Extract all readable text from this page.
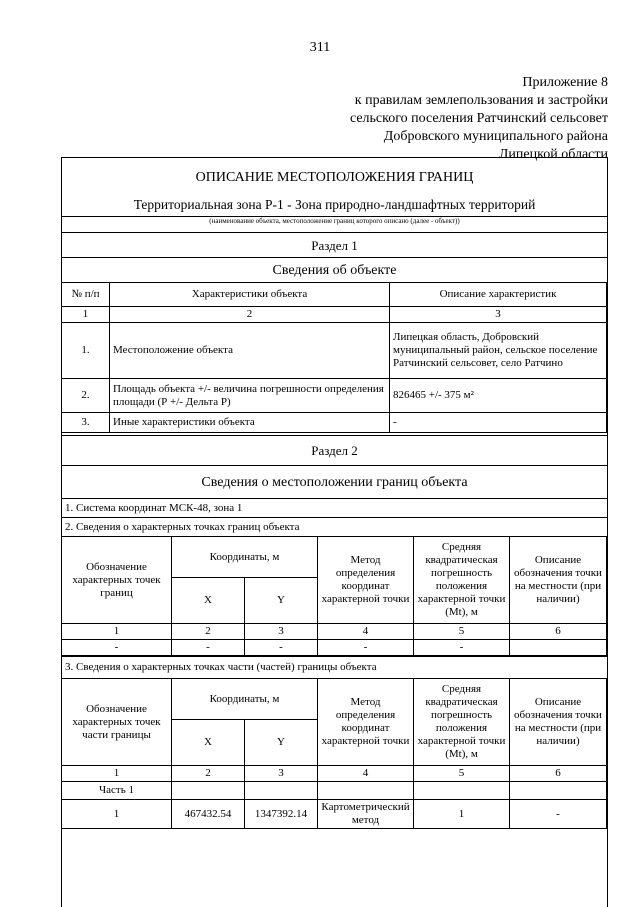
311
Приложение 8
к правилам землепользования и застройки
сельского поселения Ратчинский сельсовет
Добровского муниципального района
Липецкой области
ОПИСАНИЕ МЕСТОПОЛОЖЕНИЯ ГРАНИЦ
Территориальная зона Р-1 - Зона природно-ландшафтных территорий
(наименование объекта, местоположение границ которого описано (далее - объект))
Раздел 1
Сведения об объекте
№ п/п	Характеристики объекта	Описание характеристик
1	2	3
1.	Местоположение объекта	Липецкая область, Добровский муниципальный район, сельское поселение Ратчинский сельсовет, село Ратчино
2.	Площадь объекта +/- величина погрешности определения площади (Р +/- Дельта Р)	826465 +/- 375 м²
3.	Иные характеристики объекта	-
Раздел 2
Сведения о местоположении границ объекта
1. Система координат МСК-48, зона 1
2. Сведения о характерных точках границ объекта
Обозначение характерных точек границ	Координаты, м		Метод определения координат характерной точки	Средняя квадратическая погрешность положения характерной точки (Mt), м	Описание обозначения точки на местности (при наличии)
	X	Y			
1	2	3	4	5	6
-	-	-	-	-	
3. Сведения о характерных точках части (частей) границы объекта
Обозначение характерных точек части границы	Координаты, м		Метод определения координат характерной точки	Средняя квадратическая погрешность положения характерной точки (Mt), м	Описание обозначения точки на местности (при наличии)
	X	Y			
1	2	3	4	5	6
Часть 1					
1	467432.54	1347392.14	Картометрический метод	1	-
